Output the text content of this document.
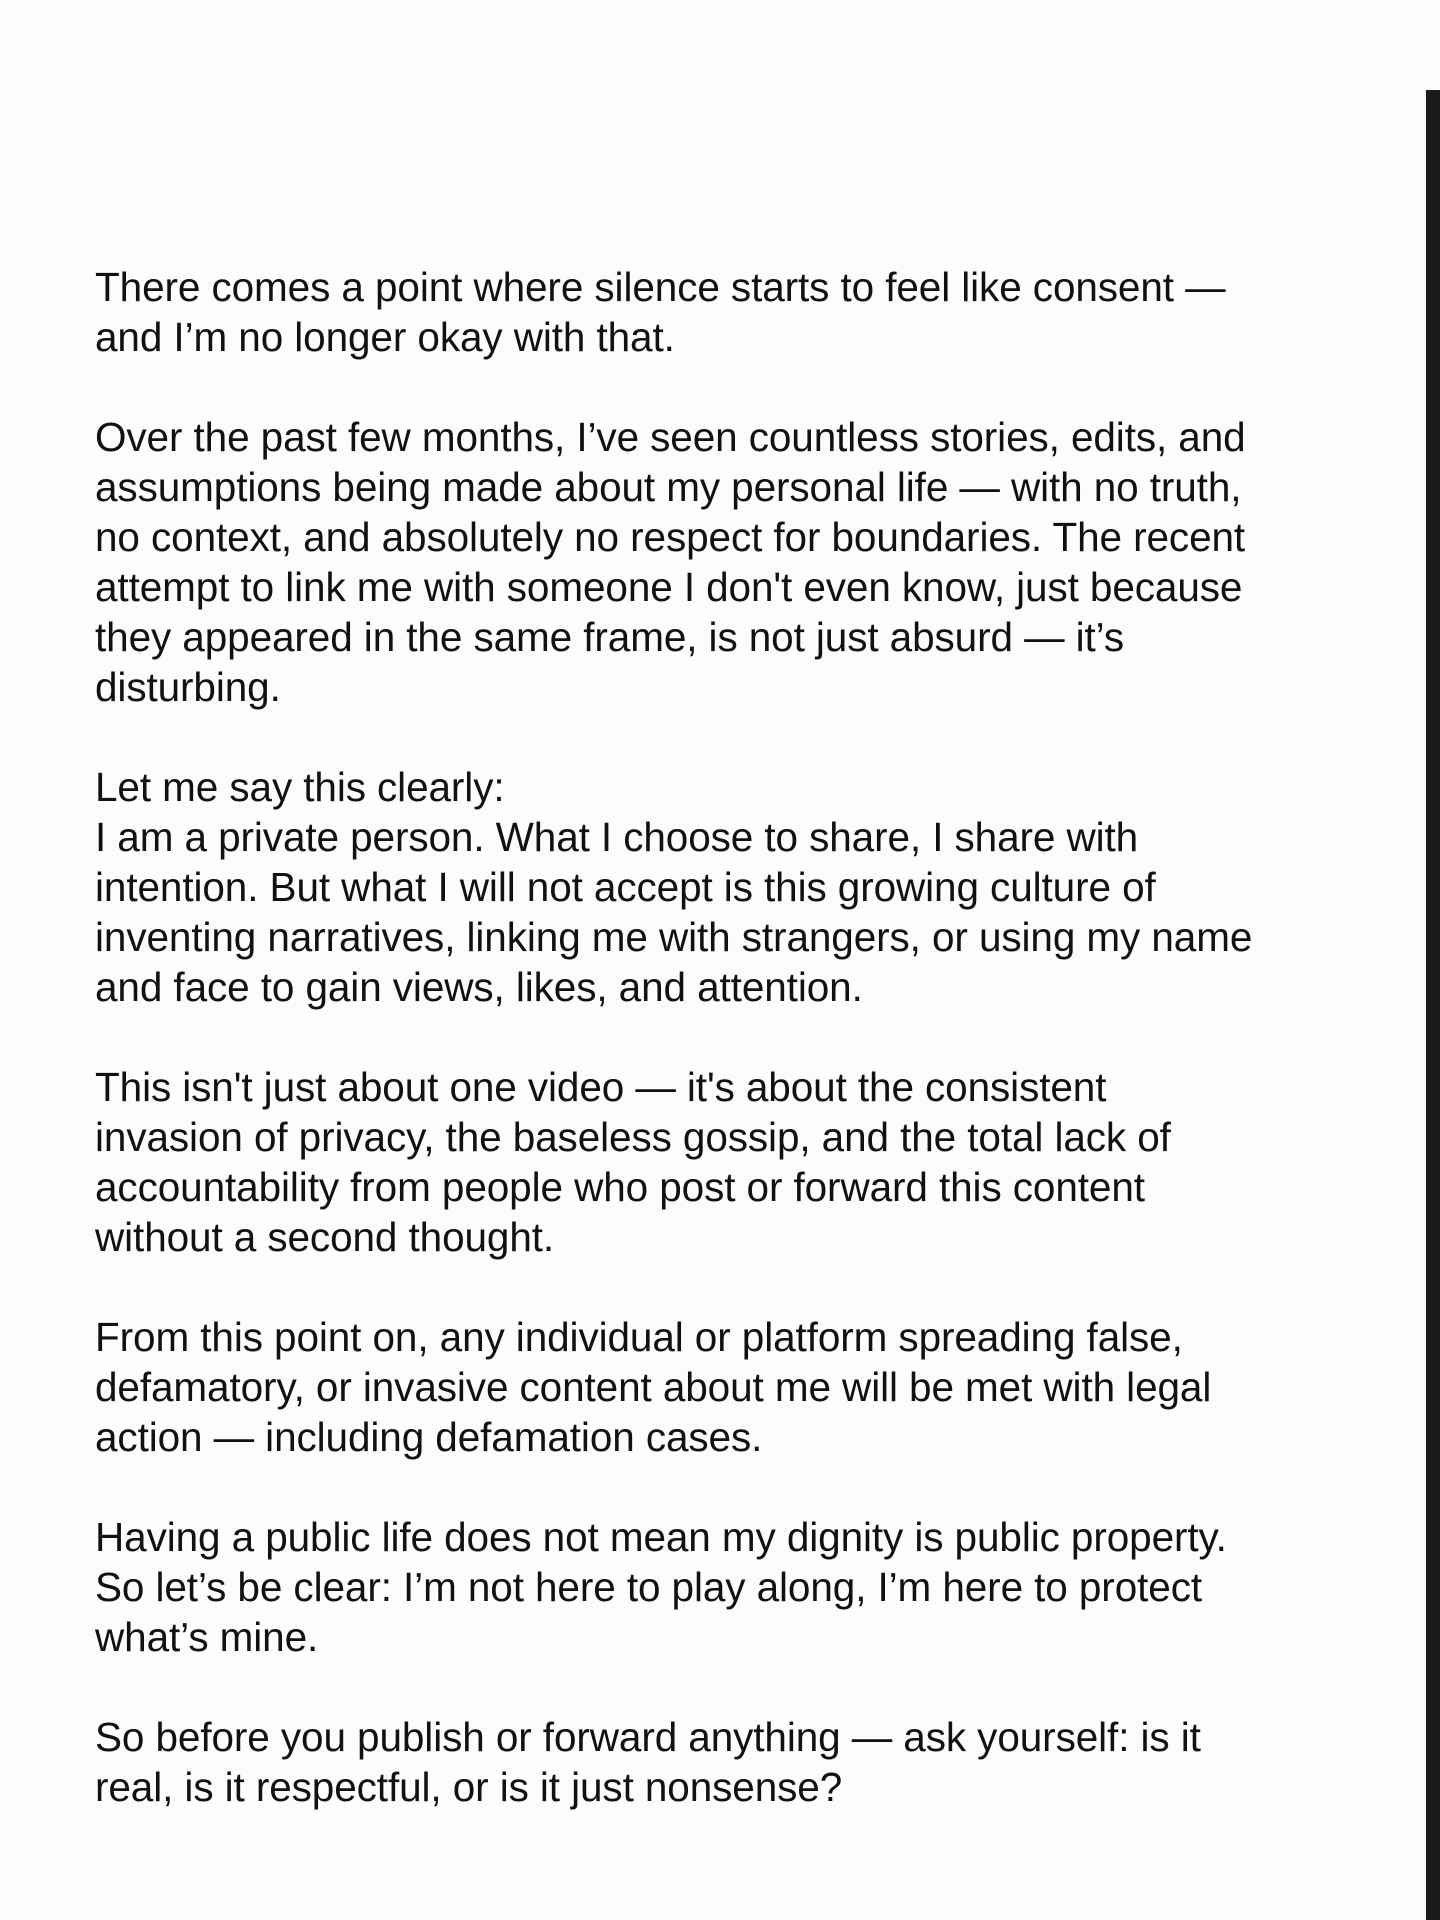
There comes a point where silence starts to feel like consent —
and I’m no longer okay with that.

Over the past few months, I’ve seen countless stories, edits, and
assumptions being made about my personal life — with no truth,
no context, and absolutely no respect for boundaries. The recent
attempt to link me with someone I don't even know, just because
they appeared in the same frame, is not just absurd — it’s
disturbing.

Let me say this clearly:
I am a private person. What I choose to share, I share with
intention. But what I will not accept is this growing culture of
inventing narratives, linking me with strangers, or using my name
and face to gain views, likes, and attention.

This isn't just about one video — it's about the consistent
invasion of privacy, the baseless gossip, and the total lack of
accountability from people who post or forward this content
without a second thought.

From this point on, any individual or platform spreading false,
defamatory, or invasive content about me will be met with legal
action — including defamation cases.

Having a public life does not mean my dignity is public property.
So let’s be clear: I’m not here to play along, I’m here to protect
what’s mine.

So before you publish or forward anything — ask yourself: is it
real, is it respectful, or is it just nonsense?
